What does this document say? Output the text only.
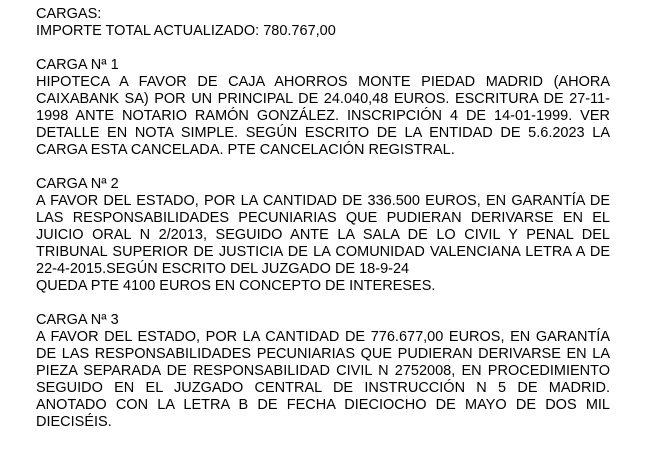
CARGAS:
IMPORTE TOTAL ACTUALIZADO: 780.767,00
CARGA Nª 1
HIPOTECA A FAVOR DE CAJA AHORROS MONTE PIEDAD MADRID (AHORA CAIXABANK SA) POR UN PRINCIPAL DE 24.040,48 EUROS. ESCRITURA DE 27-11-1998 ANTE NOTARIO RAMÓN GONZÁLEZ. INSCRIPCIÓN 4 DE 14-01-1999. VER DETALLE EN NOTA SIMPLE. SEGÚN ESCRITO DE LA ENTIDAD DE 5.6.2023 LA CARGA ESTA CANCELADA. PTE CANCELACIÓN REGISTRAL.
CARGA Nª 2
A FAVOR DEL ESTADO, POR LA CANTIDAD DE 336.500 EUROS, EN GARANTÍA DE LAS RESPONSABILIDADES PECUNIARIAS QUE PUDIERAN DERIVARSE EN EL JUICIO ORAL N 2/2013, SEGUIDO ANTE LA SALA DE LO CIVIL Y PENAL DEL TRIBUNAL SUPERIOR DE JUSTICIA DE LA COMUNIDAD VALENCIANA LETRA A DE 22-4-2015.SEGÚN ESCRITO DEL JUZGADO DE 18-9-24
QUEDA PTE 4100 EUROS EN CONCEPTO DE INTERESES.
CARGA Nª 3
A FAVOR DEL ESTADO, POR LA CANTIDAD DE 776.677,00 EUROS, EN GARANTÍA DE LAS RESPONSABILIDADES PECUNIARIAS QUE PUDIERAN DERIVARSE EN LA PIEZA SEPARADA DE RESPONSABILIDAD CIVIL N 2752008, EN PROCEDIMIENTO SEGUIDO EN EL JUZGADO CENTRAL DE INSTRUCCIÓN N 5 DE MADRID. ANOTADO CON LA LETRA B DE FECHA DIECIOCHO DE MAYO DE DOS MIL DIECISÉIS.
